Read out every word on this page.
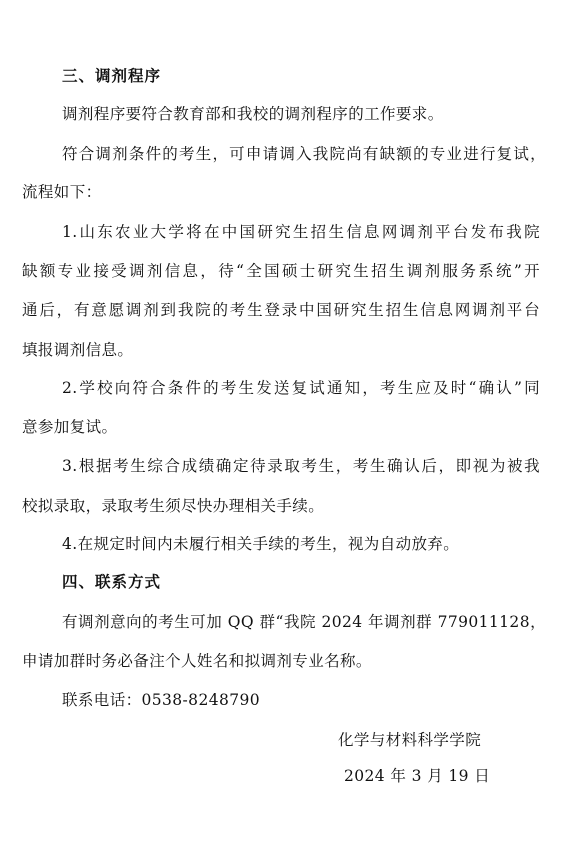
三、调剂程序
调剂程序要符合教育部和我校的调剂程序的工作要求。
符合调剂条件的考生，可申请调入我院尚有缺额的专业进行复试，
流程如下：
1.山东农业大学将在中国研究生招生信息网调剂平台发布我院
缺额专业接受调剂信息，待“全国硕士研究生招生调剂服务系统”开
通后，有意愿调剂到我院的考生登录中国研究生招生信息网调剂平台
填报调剂信息。
2.学校向符合条件的考生发送复试通知，考生应及时“确认”同
意参加复试。
3.根据考生综合成绩确定待录取考生，考生确认后，即视为被我
校拟录取，录取考生须尽快办理相关手续。
4.在规定时间内未履行相关手续的考生，视为自动放弃。
四、联系方式
有调剂意向的考生可加 QQ 群“我院 2024 年调剂群 779011128，
申请加群时务必备注个人姓名和拟调剂专业名称。
联系电话：0538-8248790
化学与材料科学学院
2024 年 3 月 19 日
